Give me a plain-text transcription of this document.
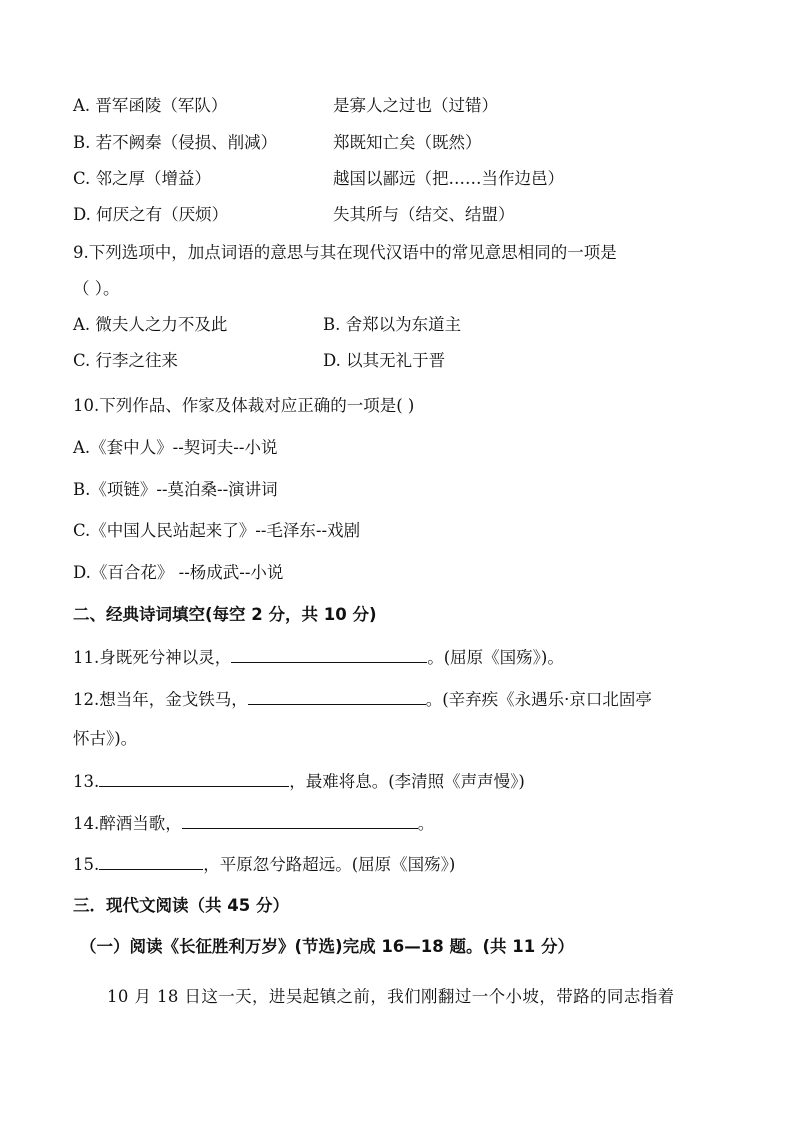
A. 晋军函陵（军队）	是寡人之过也（过错）
B. 若不阙秦（侵损、削减）	郑既知亡矣（既然）
C. 邻之厚（增益）	越国以鄙远（把……当作边邑）
D. 何厌之有（厌烦）	失其所与（结交、结盟）
9.下列选项中，加点词语的意思与其在现代汉语中的常见意思相同的一项是
（ ）。
A. 微夫人之力不及此	B. 舍郑以为东道主
C. 行李之往来	D. 以其无礼于晋
10.下列作品、作家及体裁对应正确的一项是( )
A.《套中人》--契诃夫--小说
B.《项链》--莫泊桑--演讲词
C.《中国人民站起来了》--毛泽东--戏剧
D.《百合花》 --杨成武--小说
二、经典诗词填空(每空 2 分，共 10 分)
11.身既死兮神以灵，	。(屈原《国殇》)。
12.想当年，金戈铁马，	。(辛弃疾《永遇乐·京口北固亭
怀古》)。
13.	，最难将息。(李清照《声声慢》)
14.醉酒当歌，	。
15.	，平原忽兮路超远。(屈原《国殇》)
三．现代文阅读（共 45 分）
（一）阅读《长征胜利万岁》(节选)完成 16—18 题。(共 11 分）
10 月 18 日这一天，进吴起镇之前，我们刚翻过一个小坡，带路的同志指着
